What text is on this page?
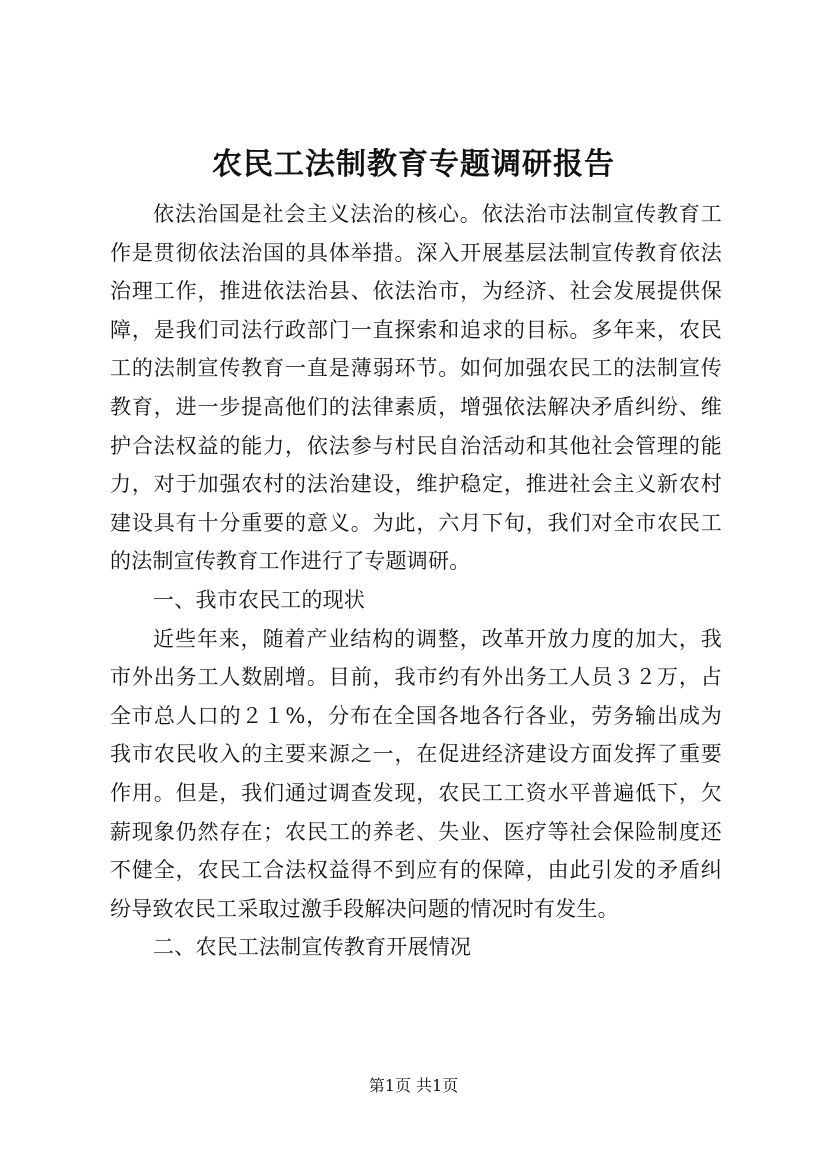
农民工法制教育专题调研报告

依法治国是社会主义法治的核心。依法治市法制宣传教育工作是贯彻依法治国的具体举措。深入开展基层法制宣传教育依法治理工作，推进依法治县、依法治市，为经济、社会发展提供保障，是我们司法行政部门一直探索和追求的目标。多年来，农民工的法制宣传教育一直是薄弱环节。如何加强农民工的法制宣传教育，进一步提高他们的法律素质，增强依法解决矛盾纠纷、维护合法权益的能力，依法参与村民自治活动和其他社会管理的能力，对于加强农村的法治建设，维护稳定，推进社会主义新农村建设具有十分重要的意义。为此，六月下旬，我们对全市农民工的法制宣传教育工作进行了专题调研。

一、我市农民工的现状

近些年来，随着产业结构的调整，改革开放力度的加大，我市外出务工人数剧增。目前，我市约有外出务工人员３２万，占全市总人口的２１%，分布在全国各地各行各业，劳务输出成为我市农民收入的主要来源之一，在促进经济建设方面发挥了重要作用。但是，我们通过调查发现，农民工工资水平普遍低下，欠薪现象仍然存在；农民工的养老、失业、医疗等社会保险制度还不健全，农民工合法权益得不到应有的保障，由此引发的矛盾纠纷导致农民工采取过激手段解决问题的情况时有发生。

二、农民工法制宣传教育开展情况

第1页 共1页
